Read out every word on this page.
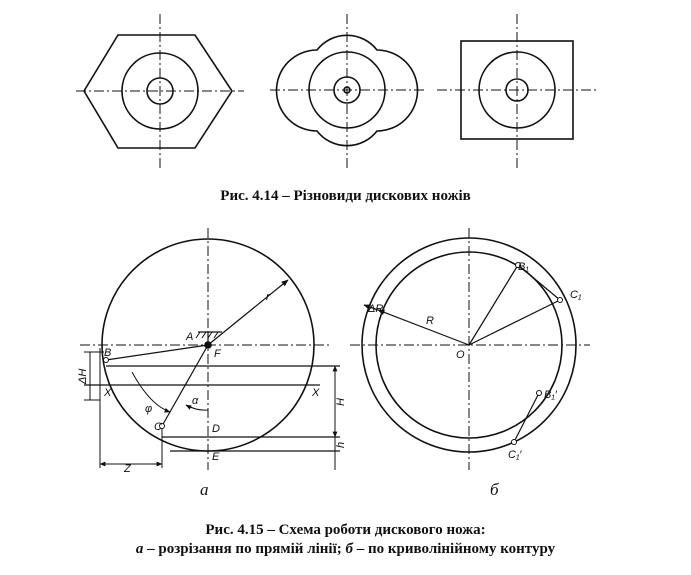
r
A
B	F
X	X
α
φ
C	D
E
Z
ΔH
H
h
а
ΔR
R
O
B₁
C₁
B₁′
C₁′
б
Рис. 4.14 – Різновиди дискових ножів
Рис. 4.15 – Схема роботи дискового ножа:
а – розрізання по прямій лінії; б – по криволінійному контуру
